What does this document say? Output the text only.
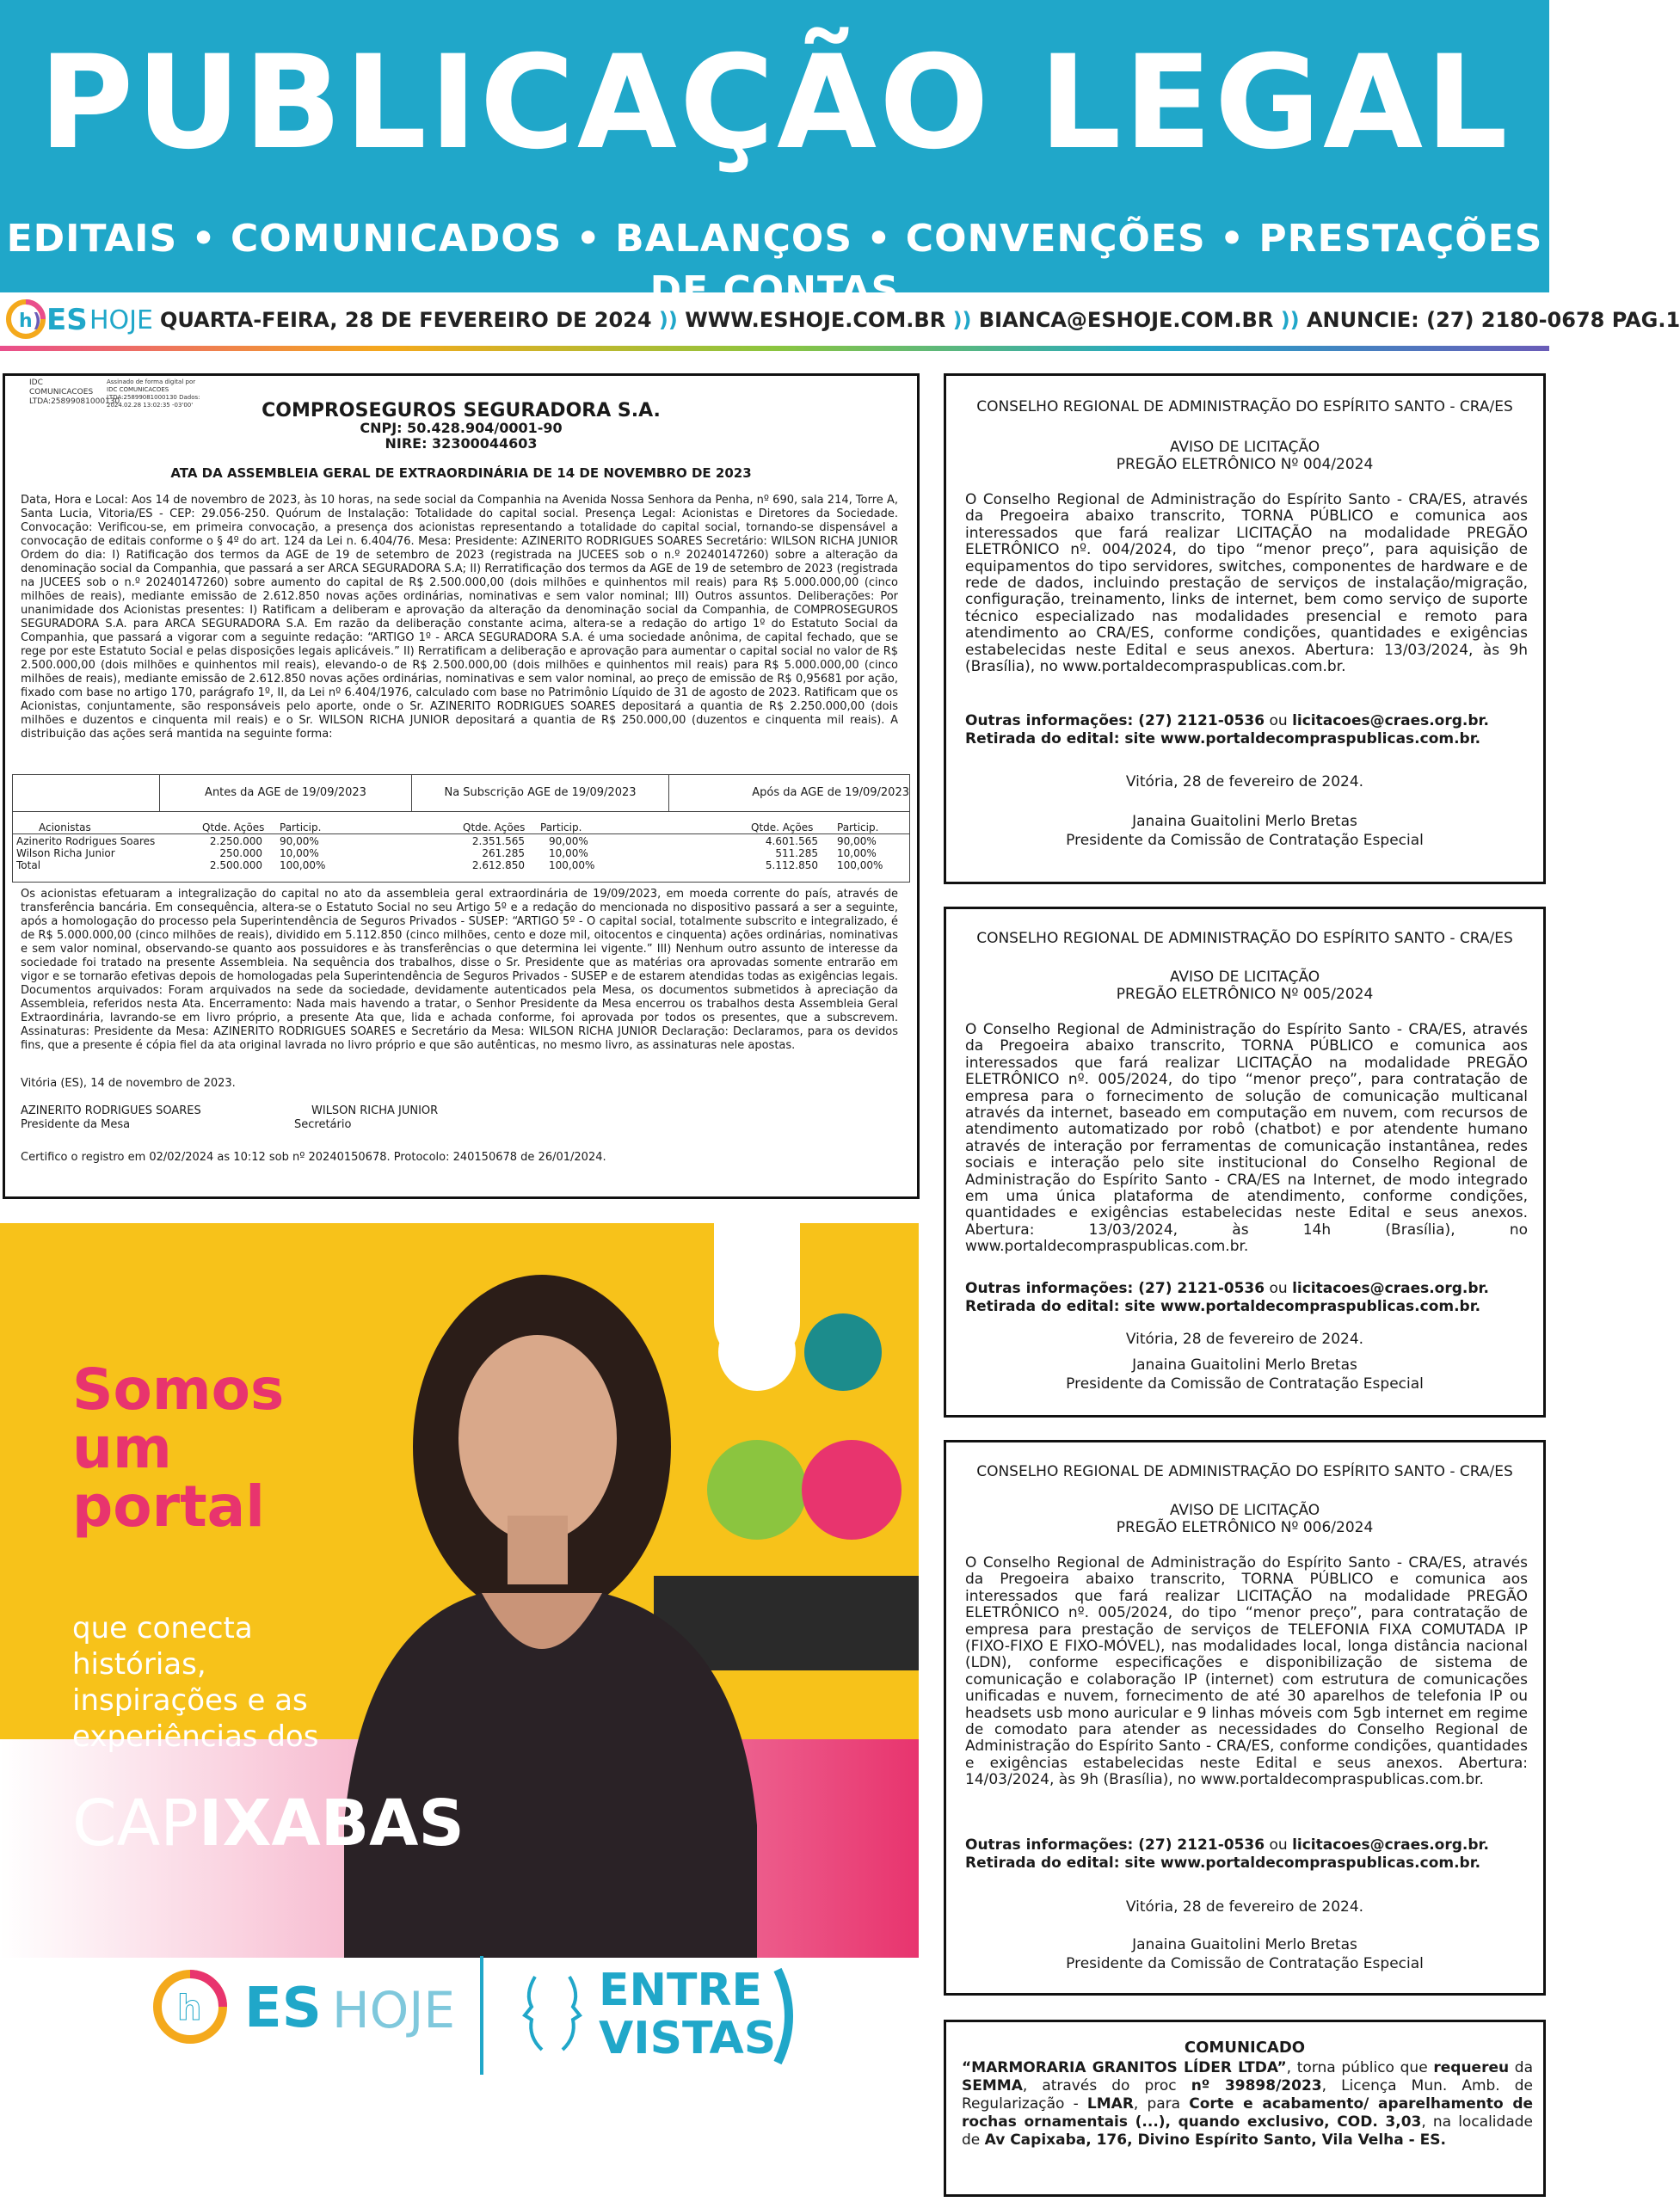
PUBLICAÇÃO LEGAL
EDITAIS • COMUNICADOS • BALANÇOS • CONVENÇÕES • PRESTAÇÕES DE CONTAS
h ) ES HOJE QUARTA-FEIRA, 28 DE FEVEREIRO DE 2024 )) WWW.ESHOJE.COM.BR )) BIANCA@ESHOJE.COM.BR )) ANUNCIE: (27) 2180-0678 PAG.1
IDC COMUNICACOES LTDA:25899081000130
Assinado de forma digital por IDC COMUNICACOES LTDA:25899081000130 Dados: 2024.02.28 13:02:35 -03'00'	COMPROSEGUROS SEGURADORA S.A.
CNPJ: 50.428.904/0001-90
NIRE: 32300044603
ATA DA ASSEMBLEIA GERAL DE EXTRAORDINÁRIA DE 14 DE NOVEMBRO DE 2023
Data, Hora e Local: Aos 14 de novembro de 2023, às 10 horas, na sede social da Companhia na Avenida Nossa Senhora da Penha, nº 690, sala 214, Torre A, Santa Lucia, Vitoria/ES - CEP: 29.056-250. Quórum de Instalação: Totalidade do capital social. Presença Legal: Acionistas e Diretores da Sociedade. Convocação: Verificou-se, em primeira convocação, a presença dos acionistas representando a totalidade do capital social, tornando-se dispensável a convocação de editais conforme o § 4º do art. 124 da Lei n. 6.404/76. Mesa: Presidente: AZINERITO RODRIGUES SOARES Secretário: WILSON RICHA JUNIOR Ordem do dia: I) Ratificação dos termos da AGE de 19 de setembro de 2023 (registrada na JUCEES sob o n.º 20240147260) sobre a alteração da denominação social da Companhia, que passará a ser ARCA SEGURADORA S.A; II) Rerratificação dos termos da AGE de 19 de setembro de 2023 (registrada na JUCEES sob o n.º 20240147260) sobre aumento do capital de R$ 2.500.000,00 (dois milhões e quinhentos mil reais) para R$ 5.000.000,00 (cinco milhões de reais), mediante emissão de 2.612.850 novas ações ordinárias, nominativas e sem valor nominal; III) Outros assuntos. Deliberações: Por unanimidade dos Acionistas presentes: I) Ratificam a deliberam e aprovação da alteração da denominação social da Companhia, de COMPROSEGUROS SEGURADORA S.A. para ARCA SEGURADORA S.A. Em razão da deliberação constante acima, altera-se a redação do artigo 1º do Estatuto Social da Companhia, que passará a vigorar com a seguinte redação: “ARTIGO 1º - ARCA SEGURADORA S.A. é uma sociedade anônima, de capital fechado, que se rege por este Estatuto Social e pelas disposições legais aplicáveis.” II) Rerratificam a deliberação e aprovação para aumentar o capital social no valor de R$ 2.500.000,00 (dois milhões e quinhentos mil reais), elevando-o de R$ 2.500.000,00 (dois milhões e quinhentos mil reais) para R$ 5.000.000,00 (cinco milhões de reais), mediante emissão de 2.612.850 novas ações ordinárias, nominativas e sem valor nominal, ao preço de emissão de R$ 0,95681 por ação, fixado com base no artigo 170, parágrafo 1º, II, da Lei nº 6.404/1976, calculado com base no Patrimônio Líquido de 31 de agosto de 2023. Ratificam que os Acionistas, conjuntamente, são responsáveis pelo aporte, onde o Sr. AZINERITO RODRIGUES SOARES depositará a quantia de R$ 2.250.000,00 (dois milhões e duzentos e cinquenta mil reais) e o Sr. WILSON RICHA JUNIOR depositará a quantia de R$ 250.000,00 (duzentos e cinquenta mil reais). A distribuição das ações será mantida na seguinte forma:
Antes da AGE de 19/09/2023	Na Subscrição AGE de 19/09/2023	Após da AGE de 19/09/2023
Acionistas	Qtde. Ações Particip.	Qtde. Ações Particip.	Qtde. Ações Particip.
Azinerito Rodrigues Soares	2.250.000 90,00%	2.351.565 90,00%	4.601.565 90,00%
Wilson Richa Junior	250.000 10,00%	261.285 10,00%	511.285 10,00%
Total	2.500.000 100,00%	2.612.850 100,00%	5.112.850 100,00%
Os acionistas efetuaram a integralização do capital no ato da assembleia geral extraordinária de 19/09/2023, em moeda corrente do país, através de transferência bancária. Em consequência, altera-se o Estatuto Social no seu Artigo 5º e a redação do mencionada no dispositivo passará a ser a seguinte, após a homologação do processo pela Superintendência de Seguros Privados - SUSEP: “ARTIGO 5º - O capital social, totalmente subscrito e integralizado, é de R$ 5.000.000,00 (cinco milhões de reais), dividido em 5.112.850 (cinco milhões, cento e doze mil, oitocentos e cinquenta) ações ordinárias, nominativas e sem valor nominal, observando-se quanto aos possuidores e às transferências o que determina lei vigente.” III) Nenhum outro assunto de interesse da sociedade foi tratado na presente Assembleia. Na sequência dos trabalhos, disse o Sr. Presidente que as matérias ora aprovadas somente entrarão em vigor e se tornarão efetivas depois de homologadas pela Superintendência de Seguros Privados - SUSEP e de estarem atendidas todas as exigências legais. Documentos arquivados: Foram arquivados na sede da sociedade, devidamente autenticados pela Mesa, os documentos submetidos à apreciação da Assembleia, referidos nesta Ata. Encerramento: Nada mais havendo a tratar, o Senhor Presidente da Mesa encerrou os trabalhos desta Assembleia Geral Extraordinária, lavrando-se em livro próprio, a presente Ata que, lida e achada conforme, foi aprovada por todos os presentes, que a subscrevem. Assinaturas: Presidente da Mesa: AZINERITO RODRIGUES SOARES e Secretário da Mesa: WILSON RICHA JUNIOR Declaração: Declaramos, para os devidos fins, que a presente é cópia fiel da ata original lavrada no livro próprio e que são autênticas, no mesmo livro, as assinaturas nele apostas.
Vitória (ES), 14 de novembro de 2023.
AZINERITO RODRIGUES SOARES
Presidente da Mesa
WILSON RICHA JUNIOR
Secretário
Certifico o registro em 02/02/2024 as 10:12 sob nº 20240150678. Protocolo: 240150678 de 26/01/2024.
CONSELHO REGIONAL DE ADMINISTRAÇÃO DO ESPÍRITO SANTO - CRA/ES
AVISO DE LICITAÇÃO
PREGÃO ELETRÔNICO Nº 004/2024
O Conselho Regional de Administração do Espírito Santo - CRA/ES, através da Pregoeira abaixo transcrito, TORNA PÚBLICO e comunica aos interessados que fará realizar LICITAÇÃO na modalidade PREGÃO ELETRÔNICO nº. 004/2024, do tipo “menor preço”, para aquisição de equipamentos do tipo servidores, switches, componentes de hardware e de rede de dados, incluindo prestação de serviços de instalação/migração, configuração, treinamento, links de internet, bem como serviço de suporte técnico especializado nas modalidades presencial e remoto para atendimento ao CRA/ES, conforme condições, quantidades e exigências estabelecidas neste Edital e seus anexos. Abertura: 13/03/2024, às 9h (Brasília), no www.portaldecompraspublicas.com.br.
Outras informações: (27) 2121-0536 ou licitacoes@craes.org.br.
Retirada do edital: site www.portaldecompraspublicas.com.br.
Vitória, 28 de fevereiro de 2024.
Janaina Guaitolini Merlo Bretas
Presidente da Comissão de Contratação Especial
CONSELHO REGIONAL DE ADMINISTRAÇÃO DO ESPÍRITO SANTO - CRA/ES
AVISO DE LICITAÇÃO
PREGÃO ELETRÔNICO Nº 005/2024
O Conselho Regional de Administração do Espírito Santo - CRA/ES, através da Pregoeira abaixo transcrito, TORNA PÚBLICO e comunica aos interessados que fará realizar LICITAÇÃO na modalidade PREGÃO ELETRÔNICO nº. 005/2024, do tipo “menor preço”, para contratação de empresa para o fornecimento de solução de comunicação multicanal através da internet, baseado em computação em nuvem, com recursos de atendimento automatizado por robô (chatbot) e por atendente humano através de interação por ferramentas de comunicação instantânea, redes sociais e interação pelo site institucional do Conselho Regional de Administração do Espírito Santo - CRA/ES na Internet, de modo integrado em uma única plataforma de atendimento, conforme condições, quantidades e exigências estabelecidas neste Edital e seus anexos. Abertura: 13/03/2024, às 14h (Brasília), no www.portaldecompraspublicas.com.br.
Outras informações: (27) 2121-0536 ou licitacoes@craes.org.br.
Retirada do edital: site www.portaldecompraspublicas.com.br.
Vitória, 28 de fevereiro de 2024.
Janaina Guaitolini Merlo Bretas
Presidente da Comissão de Contratação Especial
CONSELHO REGIONAL DE ADMINISTRAÇÃO DO ESPÍRITO SANTO - CRA/ES
AVISO DE LICITAÇÃO
PREGÃO ELETRÔNICO Nº 006/2024
O Conselho Regional de Administração do Espírito Santo - CRA/ES, através da Pregoeira abaixo transcrito, TORNA PÚBLICO e comunica aos interessados que fará realizar LICITAÇÃO na modalidade PREGÃO ELETRÔNICO nº. 005/2024, do tipo “menor preço”, para contratação de empresa para prestação de serviços de TELEFONIA FIXA COMUTADA IP (FIXO-FIXO E FIXO-MÓVEL), nas modalidades local, longa distância nacional (LDN), conforme especificações e disponibilização de sistema de comunicação e colaboração IP (internet) com estrutura de comunicações unificadas e nuvem, fornecimento de até 30 aparelhos de telefonia IP ou headsets usb mono auricular e 9 linhas móveis com 5gb internet em regime de comodato para atender as necessidades do Conselho Regional de Administração do Espírito Santo - CRA/ES, conforme condições, quantidades e exigências estabelecidas neste Edital e seus anexos. Abertura: 14/03/2024, às 9h (Brasília), no www.portaldecompraspublicas.com.br.
Outras informações: (27) 2121-0536 ou licitacoes@craes.org.br.
Retirada do edital: site www.portaldecompraspublicas.com.br.
Vitória, 28 de fevereiro de 2024.
Janaina Guaitolini Merlo Bretas
Presidente da Comissão de Contratação Especial
COMUNICADO
“MARMORARIA GRANITOS LÍDER LTDA”, torna público que requereu da SEMMA, através do proc nº 39898/2023, Licença Mun. Amb. de Regularização - LMAR, para Corte e acabamento/ aparelhamento de rochas ornamentais (...), quando exclusivo, COD. 3,03, na localidade de Av Capixaba, 176, Divino Espírito Santo, Vila Velha - ES.
Somos
um
portal
que conecta
histórias,
inspirações e as
experiências dos
CAPIXABAS
h ES HOJE	ENTRE
VISTAS
